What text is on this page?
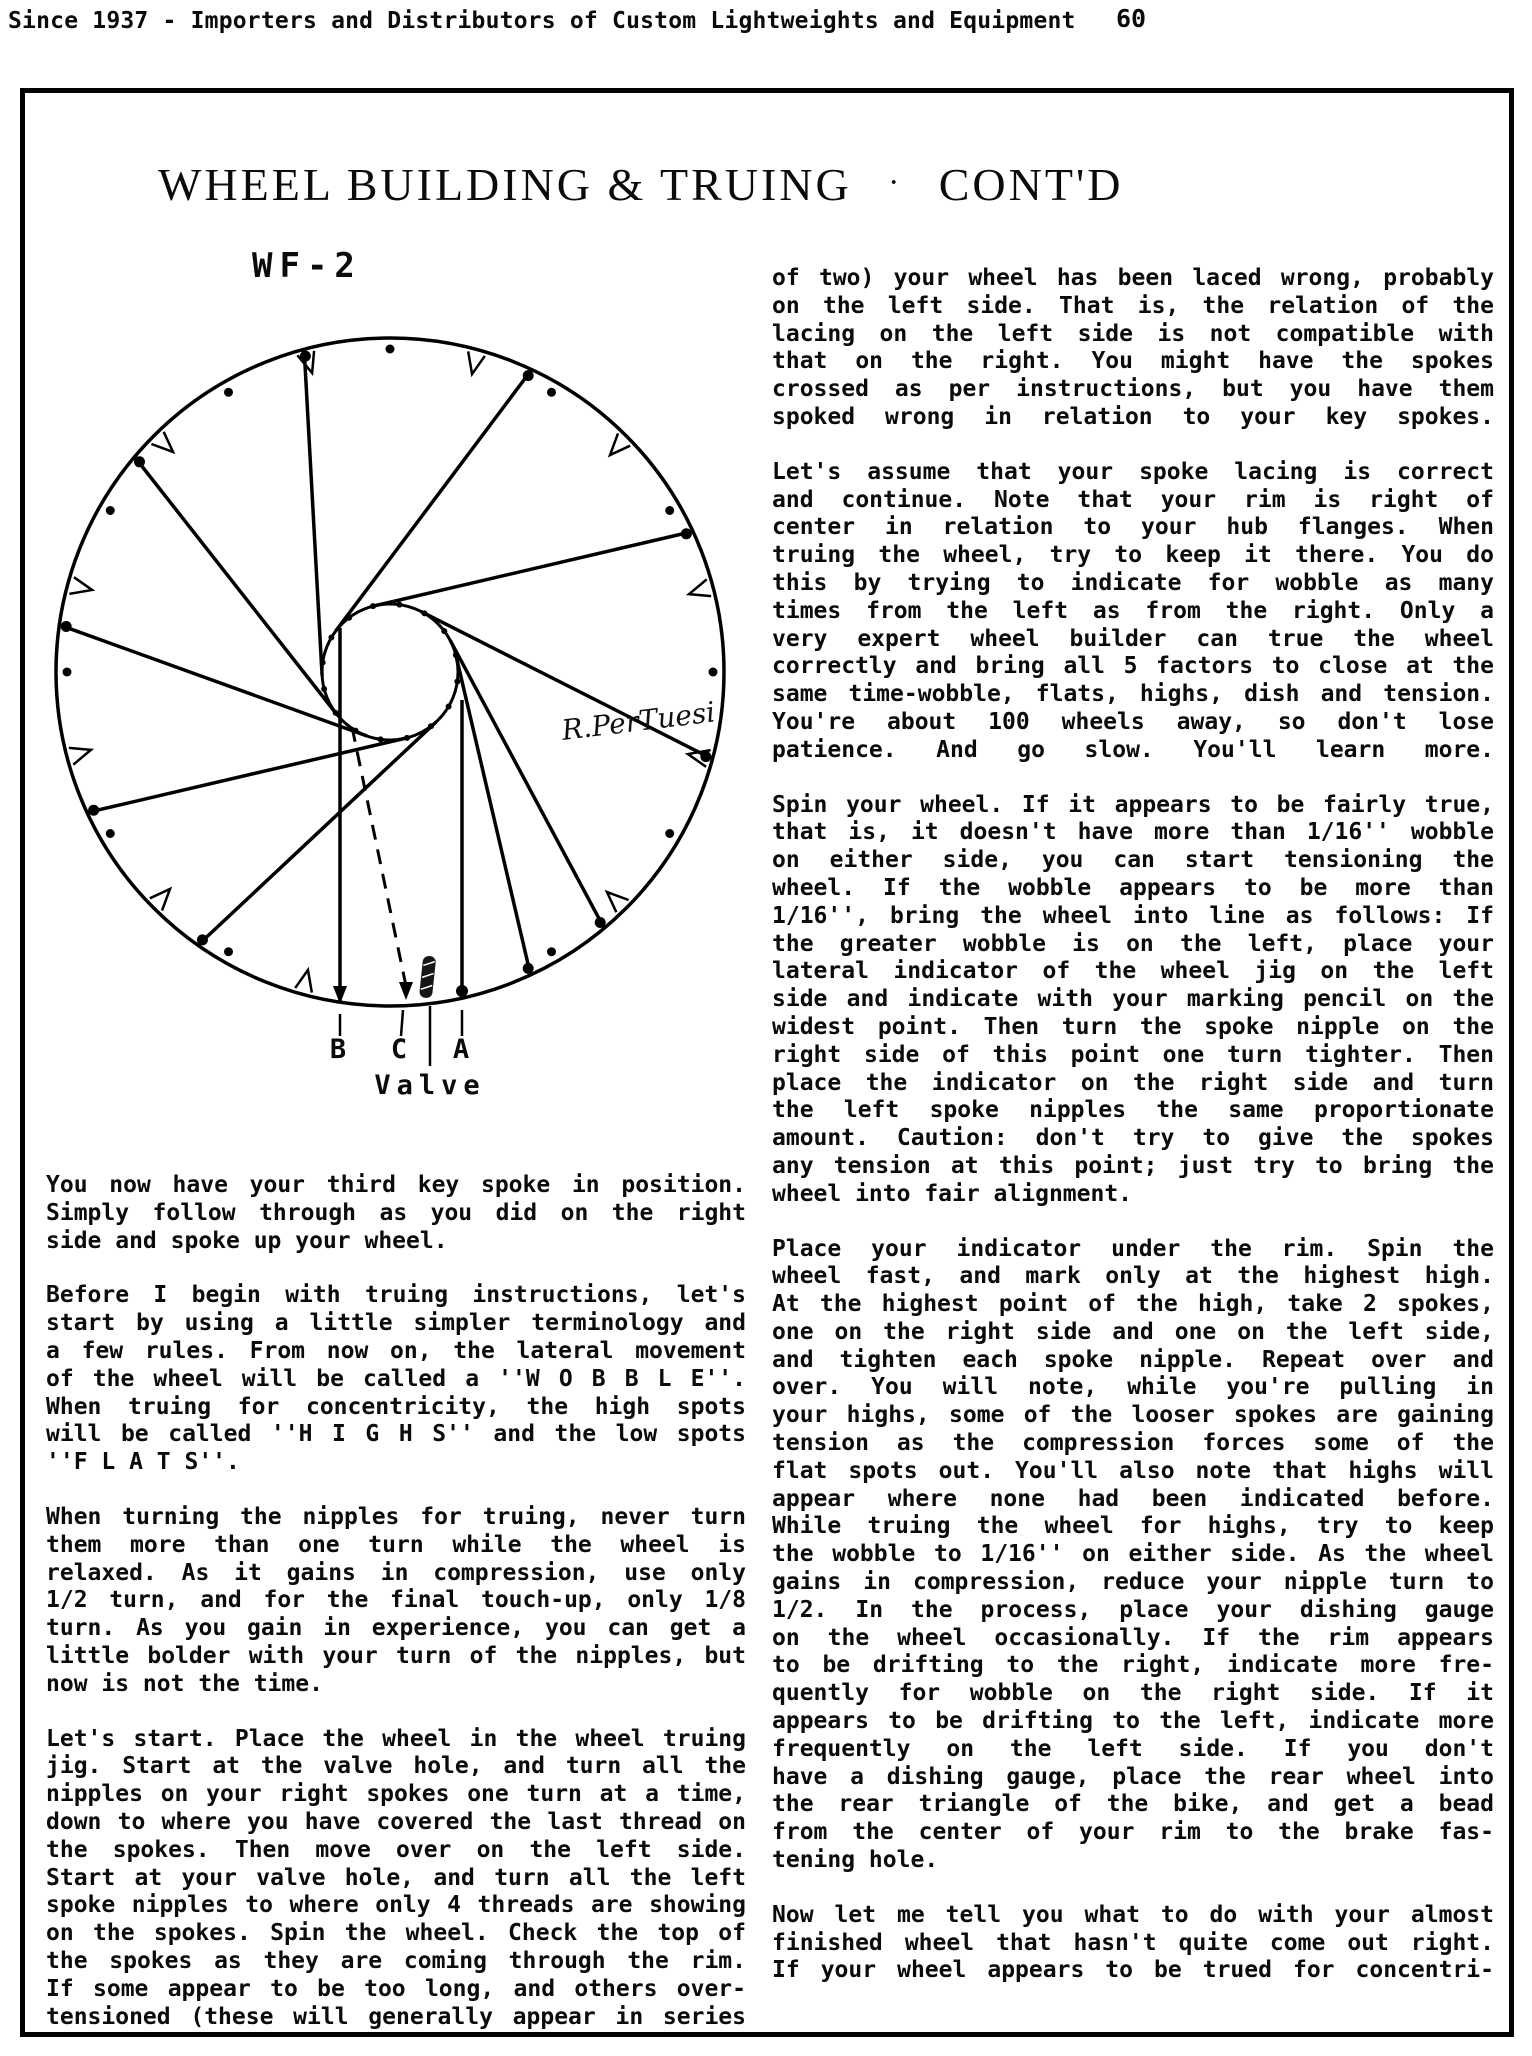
Since 1937 - Importers and Distributors of Custom Lightweights and Equipment 60
WHEEL BUILDING & TRUING · CONT'D
WF-2
B C A
Valve
R.PerTuesi
You now have your third key spoke in position.
Simply follow through as you did on the right
side and spoke up your wheel.
Before I begin with truing instructions, let's
start by using a little simpler terminology and
a few rules. From now on, the lateral movement
of the wheel will be called a ''W O B B L E''.
When truing for concentricity, the high spots
will be called ''H I G H S'' and the low spots
''F L A T S''.
When turning the nipples for truing, never turn
them more than one turn while the wheel is
relaxed. As it gains in compression, use only
1/2 turn, and for the final touch-up, only 1/8
turn. As you gain in experience, you can get a
little bolder with your turn of the nipples, but
now is not the time.
Let's start. Place the wheel in the wheel truing
jig. Start at the valve hole, and turn all the
nipples on your right spokes one turn at a time,
down to where you have covered the last thread on
the spokes. Then move over on the left side.
Start at your valve hole, and turn all the left
spoke nipples to where only 4 threads are showing
on the spokes. Spin the wheel. Check the top of
the spokes as they are coming through the rim.
If some appear to be too long, and others over-
tensioned (these will generally appear in series
of two) your wheel has been laced wrong, probably
on the left side. That is, the relation of the
lacing on the left side is not compatible with
that on the right. You might have the spokes
crossed as per instructions, but you have them
spoked wrong in relation to your key spokes.
Let's assume that your spoke lacing is correct
and continue. Note that your rim is right of
center in relation to your hub flanges. When
truing the wheel, try to keep it there. You do
this by trying to indicate for wobble as many
times from the left as from the right. Only a
very expert wheel builder can true the wheel
correctly and bring all 5 factors to close at the
same time-wobble, flats, highs, dish and tension.
You're about 100 wheels away, so don't lose
patience. And go slow. You'll learn more.
Spin your wheel. If it appears to be fairly true,
that is, it doesn't have more than 1/16'' wobble
on either side, you can start tensioning the
wheel. If the wobble appears to be more than
1/16'', bring the wheel into line as follows: If
the greater wobble is on the left, place your
lateral indicator of the wheel jig on the left
side and indicate with your marking pencil on the
widest point. Then turn the spoke nipple on the
right side of this point one turn tighter. Then
place the indicator on the right side and turn
the left spoke nipples the same proportionate
amount. Caution: don't try to give the spokes
any tension at this point; just try to bring the
wheel into fair alignment.
Place your indicator under the rim. Spin the
wheel fast, and mark only at the highest high.
At the highest point of the high, take 2 spokes,
one on the right side and one on the left side,
and tighten each spoke nipple. Repeat over and
over. You will note, while you're pulling in
your highs, some of the looser spokes are gaining
tension as the compression forces some of the
flat spots out. You'll also note that highs will
appear where none had been indicated before.
While truing the wheel for highs, try to keep
the wobble to 1/16'' on either side. As the wheel
gains in compression, reduce your nipple turn to
1/2. In the process, place your dishing gauge
on the wheel occasionally. If the rim appears
to be drifting to the right, indicate more fre-
quently for wobble on the right side. If it
appears to be drifting to the left, indicate more
frequently on the left side. If you don't
have a dishing gauge, place the rear wheel into
the rear triangle of the bike, and get a bead
from the center of your rim to the brake fas-
tening hole.
Now let me tell you what to do with your almost
finished wheel that hasn't quite come out right.
If your wheel appears to be trued for concentri-
